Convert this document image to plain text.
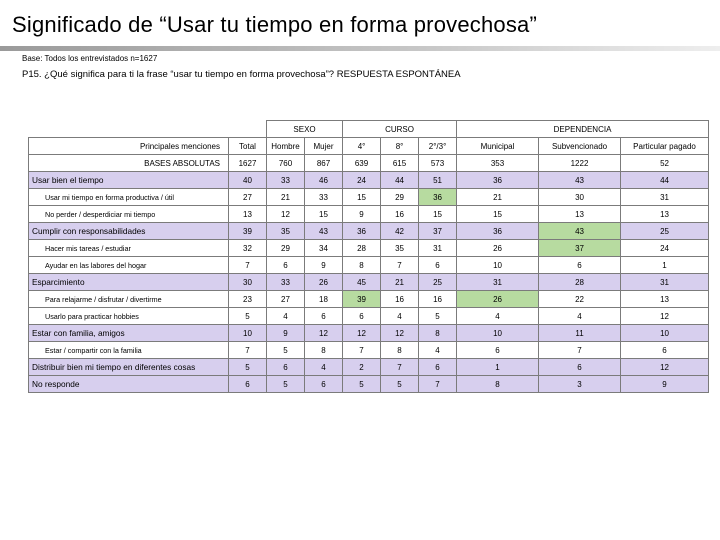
Significado de “Usar tu tiempo en forma provechosa”
Base: Todos los entrevistados n=1627
P15. ¿Qué significa para ti la frase “usar tu tiempo en forma provechosa”? RESPUESTA ESPONTÁNEA
		SEXO		CURSO			DEPENDENCIA		
Principales menciones	Total	Hombre	Mujer	4°	8°	2°/3°	Municipal	Subvencionado	Particular pagado
BASES ABSOLUTAS	1627	760	867	639	615	573	353	1222	52
Usar bien el tiempo	40	33	46	24	44	51	36	43	44
Usar mi tiempo en forma productiva / útil	27	21	33	15	29	36	21	30	31
No perder / desperdiciar mi tiempo	13	12	15	9	16	15	15	13	13
Cumplir con responsabilidades	39	35	43	36	42	37	36	43	25
Hacer mis tareas / estudiar	32	29	34	28	35	31	26	37	24
Ayudar en las labores del hogar	7	6	9	8	7	6	10	6	1
Esparcimiento	30	33	26	45	21	25	31	28	31
Para relajarme / disfrutar / divertirme	23	27	18	39	16	16	26	22	13
Usarlo para practicar hobbies	5	4	6	6	4	5	4	4	12
Estar con familia, amigos	10	9	12	12	12	8	10	11	10
Estar / compartir con la familia	7	5	8	7	8	4	6	7	6
Distribuir bien mi tiempo en diferentes cosas	5	6	4	2	7	6	1	6	12
No responde	6	5	6	5	5	7	8	3	9
